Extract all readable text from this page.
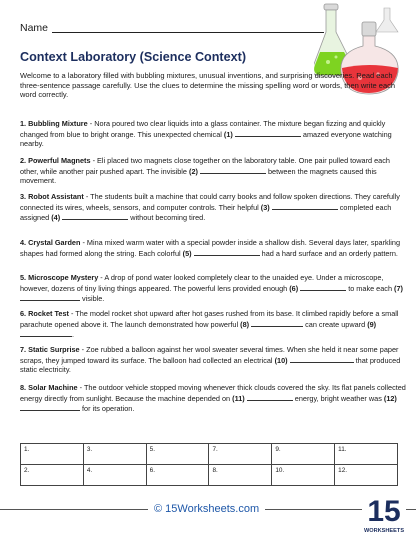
Name
Context Laboratory (Science Context)
Welcome to a laboratory filled with bubbling mixtures, unusual inventions, and surprising discoveries. Read each three-sentence passage carefully. Use the clues to determine the missing spelling word or words, then write each word correctly.
1. Bubbling Mixture - Nora poured two clear liquids into a glass container. The mixture began fizzing and quickly changed from blue to bright orange. This unexpected chemical (1)	amazed everyone watching nearby.
2. Powerful Magnets - Eli placed two magnets close together on the laboratory table. One pair pulled toward each other, while another pair pushed apart. The invisible (2)	between the magnets caused this movement.
3. Robot Assistant - The students built a machine that could carry books and follow spoken directions. They carefully connected its wires, wheels, sensors, and computer controls. Their helpful (3)	completed each assigned (4)	without becoming tired.
4. Crystal Garden - Mina mixed warm water with a special powder inside a shallow dish. Several days later, sparkling shapes had formed along the string. Each colorful (5)	had a hard surface and an orderly pattern.
5. Microscope Mystery - A drop of pond water looked completely clear to the unaided eye. Under a microscope, however, dozens of tiny living things appeared. The powerful lens provided enough (6)	to make each (7)  visible.
6. Rocket Test - The model rocket shot upward after hot gases rushed from its base. It climbed rapidly before a small parachute opened above it. The launch demonstrated how powerful (8)	can create upward (9) .
7. Static Surprise - Zoe rubbed a balloon against her wool sweater several times. When she held it near some paper scraps, they jumped toward its surface. The balloon had collected an electrical (10)	that produced static electricity.
8. Solar Machine - The outdoor vehicle stopped moving whenever thick clouds covered the sky. Its flat panels collected energy directly from sunlight. Because the machine depended on (11)	energy, bright weather was (12)  for its operation.
1.	3.	5.	7.	9.	11.
2.	4.	6.	8.	10.	12.
© 15Worksheets.com	15
WORKSHEETS
